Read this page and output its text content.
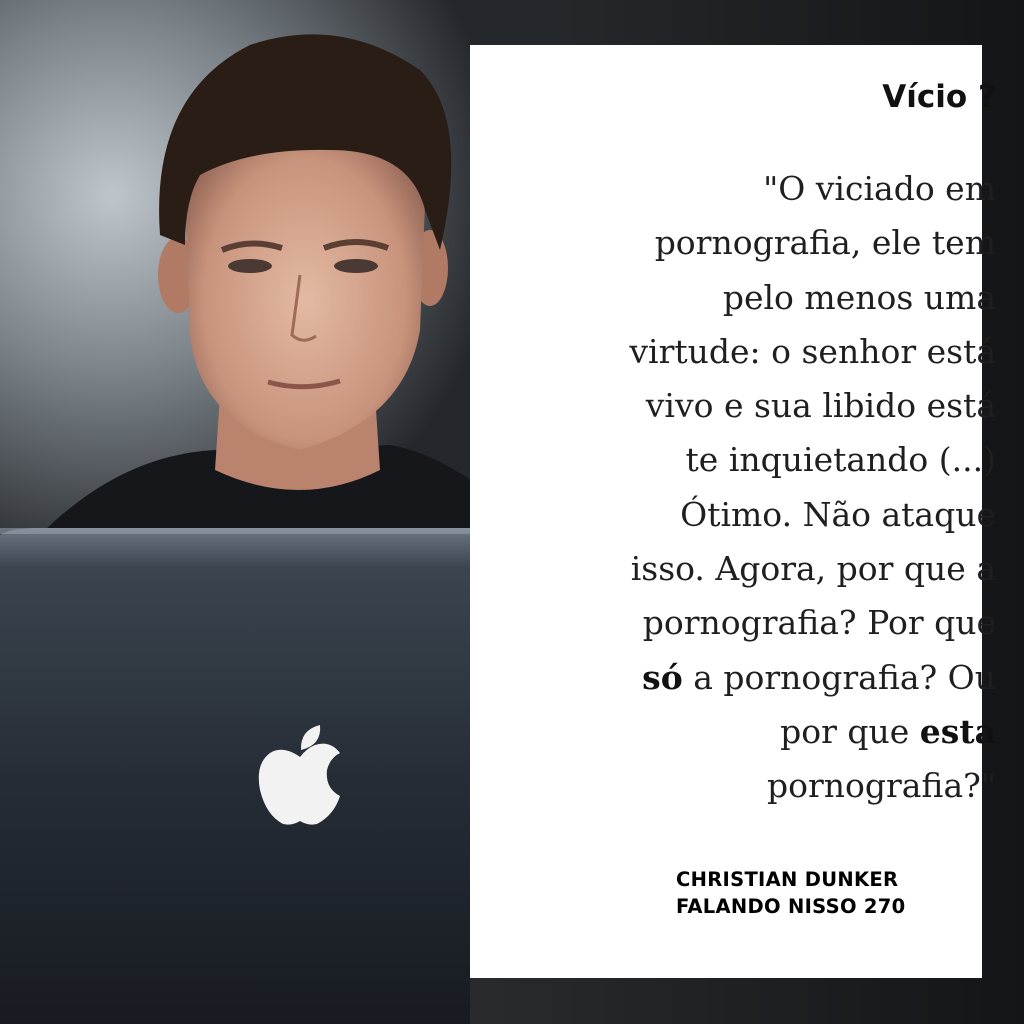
Vício ?

"O viciado em
pornografia, ele tem
pelo menos uma
virtude: o senhor está
vivo e sua libido está
te inquietando (...)
Ótimo. Não ataque
isso. Agora, por que a
pornografia? Por que
só a pornografia? Ou
por que esta
pornografia?"

CHRISTIAN DUNKER
FALANDO NISSO 270
